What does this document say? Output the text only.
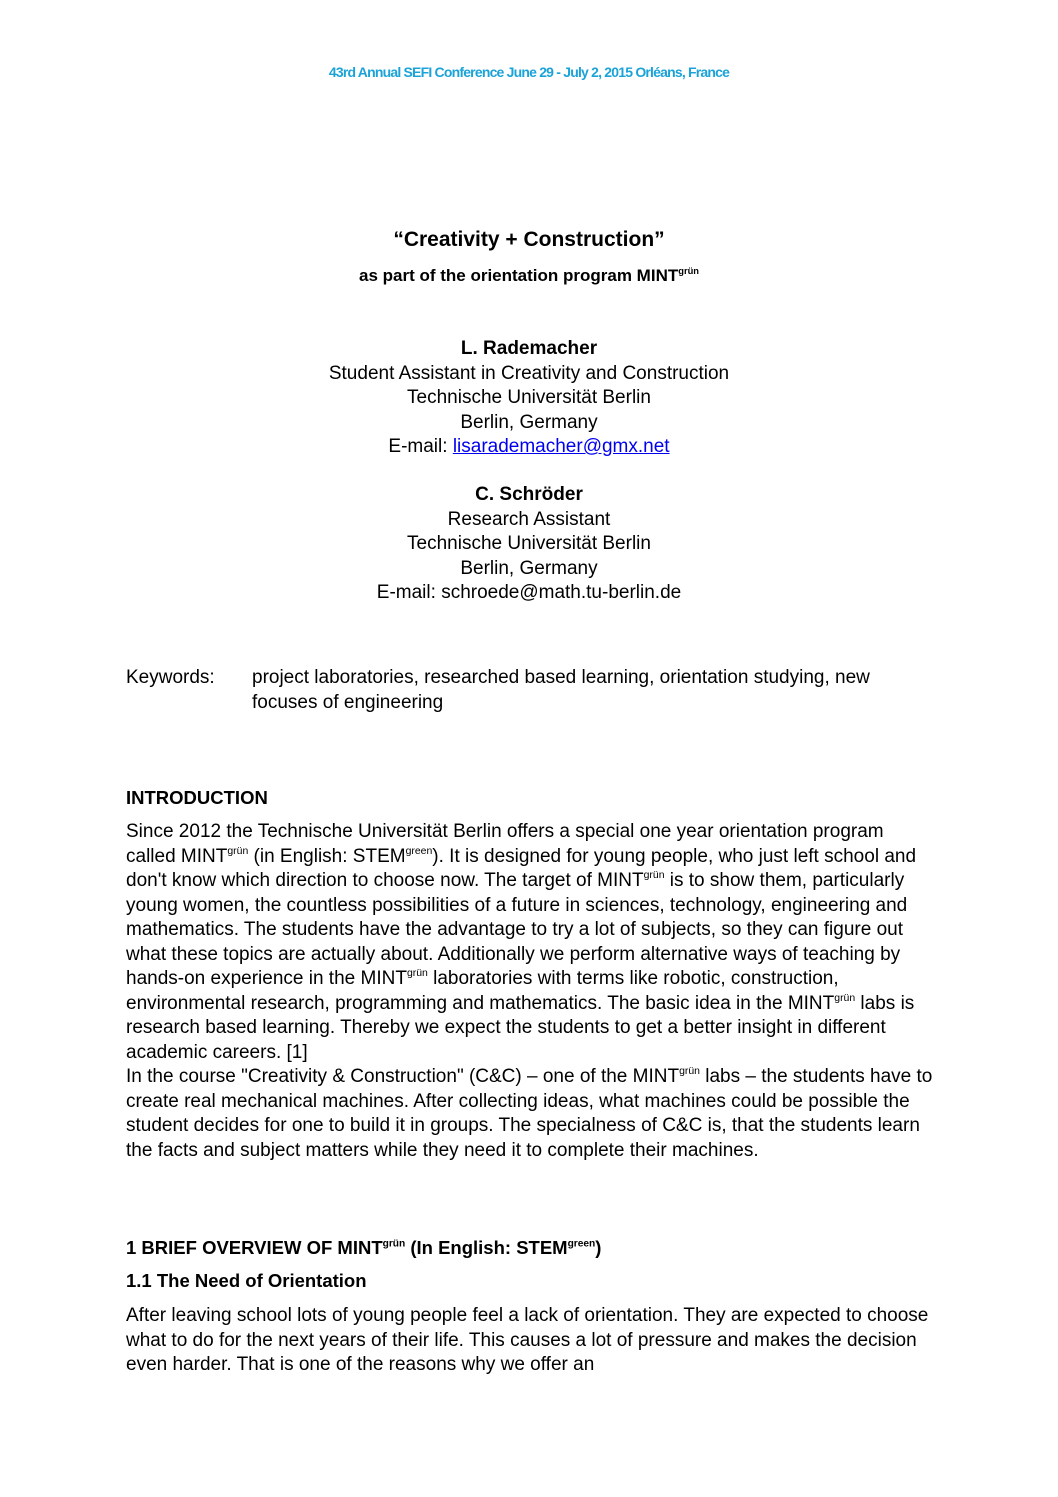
43rd Annual SEFI Conference June 29 - July 2, 2015 Orléans, France
“Creativity + Construction”
as part of the orientation program $MINT^{grün}$
L. Rademacher
Student Assistant in Creativity and Construction
Technische Universität Berlin
Berlin, Germany
E-mail: lisarademacher@gmx.net
C. Schröder
Research Assistant
Technische Universität Berlin
Berlin, Germany
E-mail: schroede@math.tu-berlin.de
Keywords:	project laboratories, researched based learning, orientation studying, new focuses of engineering
INTRODUCTION

Since 2012 the Technische Universität Berlin offers a special one year orientation program called $MINT^{grün}$ (in English: $STEM^{green}$). It is designed for young people, who just left school and don't know which direction to choose now. The target of $MINT^{grün}$ is to show them, particularly young women, the countless possibilities of a future in sciences, technology, engineering and mathematics. The students have the advantage to try a lot of subjects, so they can figure out what these topics are actually about. Additionally we perform alternative ways of teaching by hands-on experience in the $MINT^{grün}$ laboratories with terms like robotic, construction, environmental research, programming and mathematics. The basic idea in the $MINT^{grün}$ labs is research based learning. Thereby we expect the students to get a better insight in different academic careers. [1]

In the course "Creativity & Construction" (C&C) – one of the $MINT^{grün}$ labs – the students have to create real mechanical machines. After collecting ideas, what machines could be possible the student decides for one to build it in groups. The specialness of C&C is, that the students learn the facts and subject matters while they need it to complete their machines.

1 BRIEF OVERVIEW OF $MINT^{grün}$ (In English: $STEM^{green}$)
1.1 The Need of Orientation

After leaving school lots of young people feel a lack of orientation. They are expected to choose what to do for the next years of their life. This causes a lot of pressure and makes the decision even harder. That is one of the reasons why we offer an
